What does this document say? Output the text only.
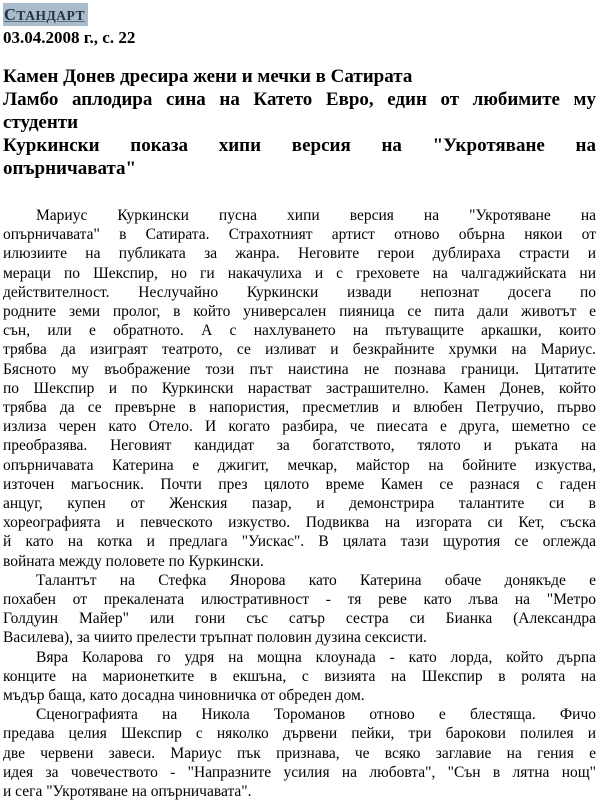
СТАНДАРТ
03.04.2008 г., с. 22
Камен Донев дресира жени и мечки в Сатирата
Ламбо аплодира сина на Катето Евро, един от любимите му
студенти
Куркински показа хипи версия на "Укротяване на
опърничавата"
Мариус Куркински пусна хипи версия на "Укротяване на
опърничавата" в Сатирата. Страхотният артист отново обърна някои от
илюзиите на публиката за жанра. Неговите герои дублираха страсти и
мераци по Шекспир, но ги накачулиха и с греховете на чалгаджийската ни
действителност. Неслучайно Куркински извади непознат досега по
родните земи пролог, в който универсален пияница се пита дали животът е
сън, или е обратното. А с нахлуването на пътуващите аркашки, които
трябва да изиграят театрото, се изливат и безкрайните хрумки на Мариус.
Бясното му въображение този път наистина не познава граници. Цитатите
по Шекспир и по Куркински нарастват застрашително. Камен Донев, който
трябва да се превърне в напористия, пресметлив и влюбен Петручио, първо
излиза черен като Отело. И когато разбира, че пиесата е друга, шеметно се
преобразява. Неговият кандидат за богатството, тялото и ръката на
опърничавата Катерина е джигит, мечкар, майстор на бойните изкуства,
източен магьосник. Почти през цялото време Камен се разнася с гаден
анцуг, купен от Женския пазар, и демонстрира талантите си в
хореографията и певческото изкуство. Подвиква на изгората си Кет, съска
й като на котка и предлага "Уискас". В цялата тази щуротия се оглежда
войната между половете по Куркински.
Талантът на Стефка Янорова като Катерина обаче донякъде е
похабен от прекалената илюстративност - тя реве като лъва на "Метро
Голдуин Майер" или гони със сатър сестра си Бианка (Александра
Василева), за чиито прелести тръпнат половин дузина сексисти.
Вяра Коларова го удря на мощна клоунада - като лорда, който дърпа
конците на марионетките в екшъна, с визията на Шекспир в ролята на
мъдър баща, като досадна чиновничка от обреден дом.
Сценографията на Никола Тороманов отново е блестяща. Фичо
предава целия Шекспир с няколко дървени пейки, три барокови полилея и
две червени завеси. Мариус пък признава, че всяко заглавие на гения е
идея за човечеството - "Напразните усилия на любовта", "Сън в лятна нощ"
и сега "Укротяване на опърничавата".
